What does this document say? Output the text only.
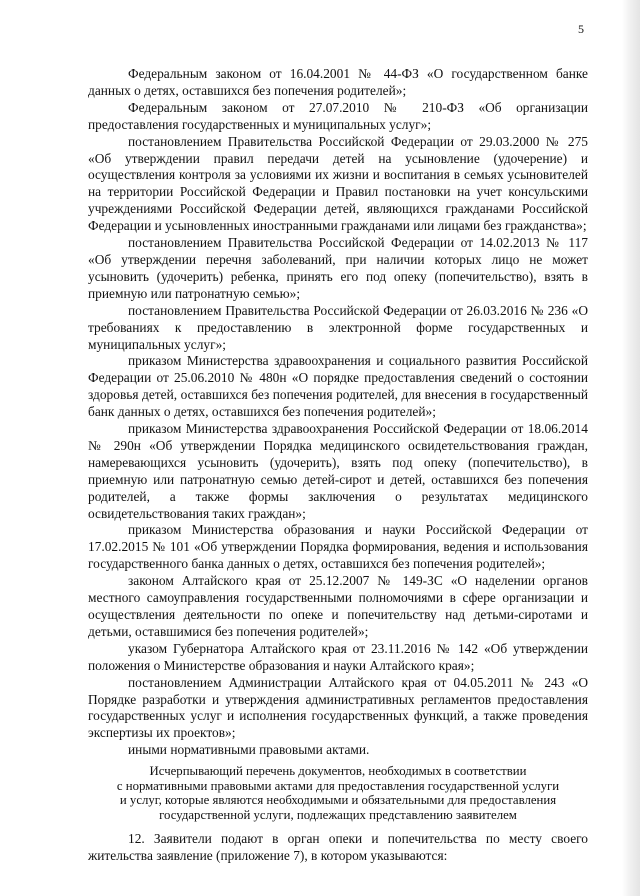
5

Федеральным законом от 16.04.2001 № 44-ФЗ «О государственном банке данных о детях, оставшихся без попечения родителей»;

Федеральным законом от 27.07.2010 № 210-ФЗ «Об организации предоставления государственных и муниципальных услуг»;

постановлением Правительства Российской Федерации от 29.03.2000 № 275 «Об утверждении правил передачи детей на усыновление (удочерение) и осуществления контроля за условиями их жизни и воспитания в семьях усыновителей на территории Российской Федерации и Правил постановки на учет консульскими учреждениями Российской Федерации детей, являющихся гражданами Российской Федерации и усыновленных иностранными гражданами или лицами без гражданства»;

постановлением Правительства Российской Федерации от 14.02.2013 № 117 «Об утверждении перечня заболеваний, при наличии которых лицо не может усыновить (удочерить) ребенка, принять его под опеку (попечительство), взять в приемную или патронатную семью»;

постановлением Правительства Российской Федерации от 26.03.2016 № 236 «О требованиях к предоставлению в электронной форме государственных и муниципальных услуг»;

приказом Министерства здравоохранения и социального развития Российской Федерации от 25.06.2010 № 480н «О порядке предоставления сведений о состоянии здоровья детей, оставшихся без попечения родителей, для внесения в государственный банк данных о детях, оставшихся без попечения родителей»;

приказом Министерства здравоохранения Российской Федерации от 18.06.2014 № 290н «Об утверждении Порядка медицинского освидетельствования граждан, намеревающихся усыновить (удочерить), взять под опеку (попечительство), в приемную или патронатную семью детей-сирот и детей, оставшихся без попечения родителей, а также формы заключения о результатах медицинского освидетельствования таких граждан»;

приказом Министерства образования и науки Российской Федерации от 17.02.2015 № 101 «Об утверждении Порядка формирования, ведения и использования государственного банка данных о детях, оставшихся без попечения родителей»;

законом Алтайского края от 25.12.2007 № 149-ЗС «О наделении органов местного самоуправления государственными полномочиями в сфере организации и осуществления деятельности по опеке и попечительству над детьми-сиротами и детьми, оставшимися без попечения родителей»;

указом Губернатора Алтайского края от 23.11.2016 № 142 «Об утверждении положения о Министерстве образования и науки Алтайского края»;

постановлением Администрации Алтайского края от 04.05.2011 № 243 «О Порядке разработки и утверждения административных регламентов предоставления государственных услуг и исполнения государственных функций, а также проведения экспертизы их проектов»;

иными нормативными правовыми актами.

Исчерпывающий перечень документов, необходимых в соответствии
с нормативными правовыми актами для предоставления государственной услуги
и услуг, которые являются необходимыми и обязательными для предоставления
государственной услуги, подлежащих представлению заявителем

12. Заявители подают в орган опеки и попечительства по месту своего жительства заявление (приложение 7), в котором указываются:
